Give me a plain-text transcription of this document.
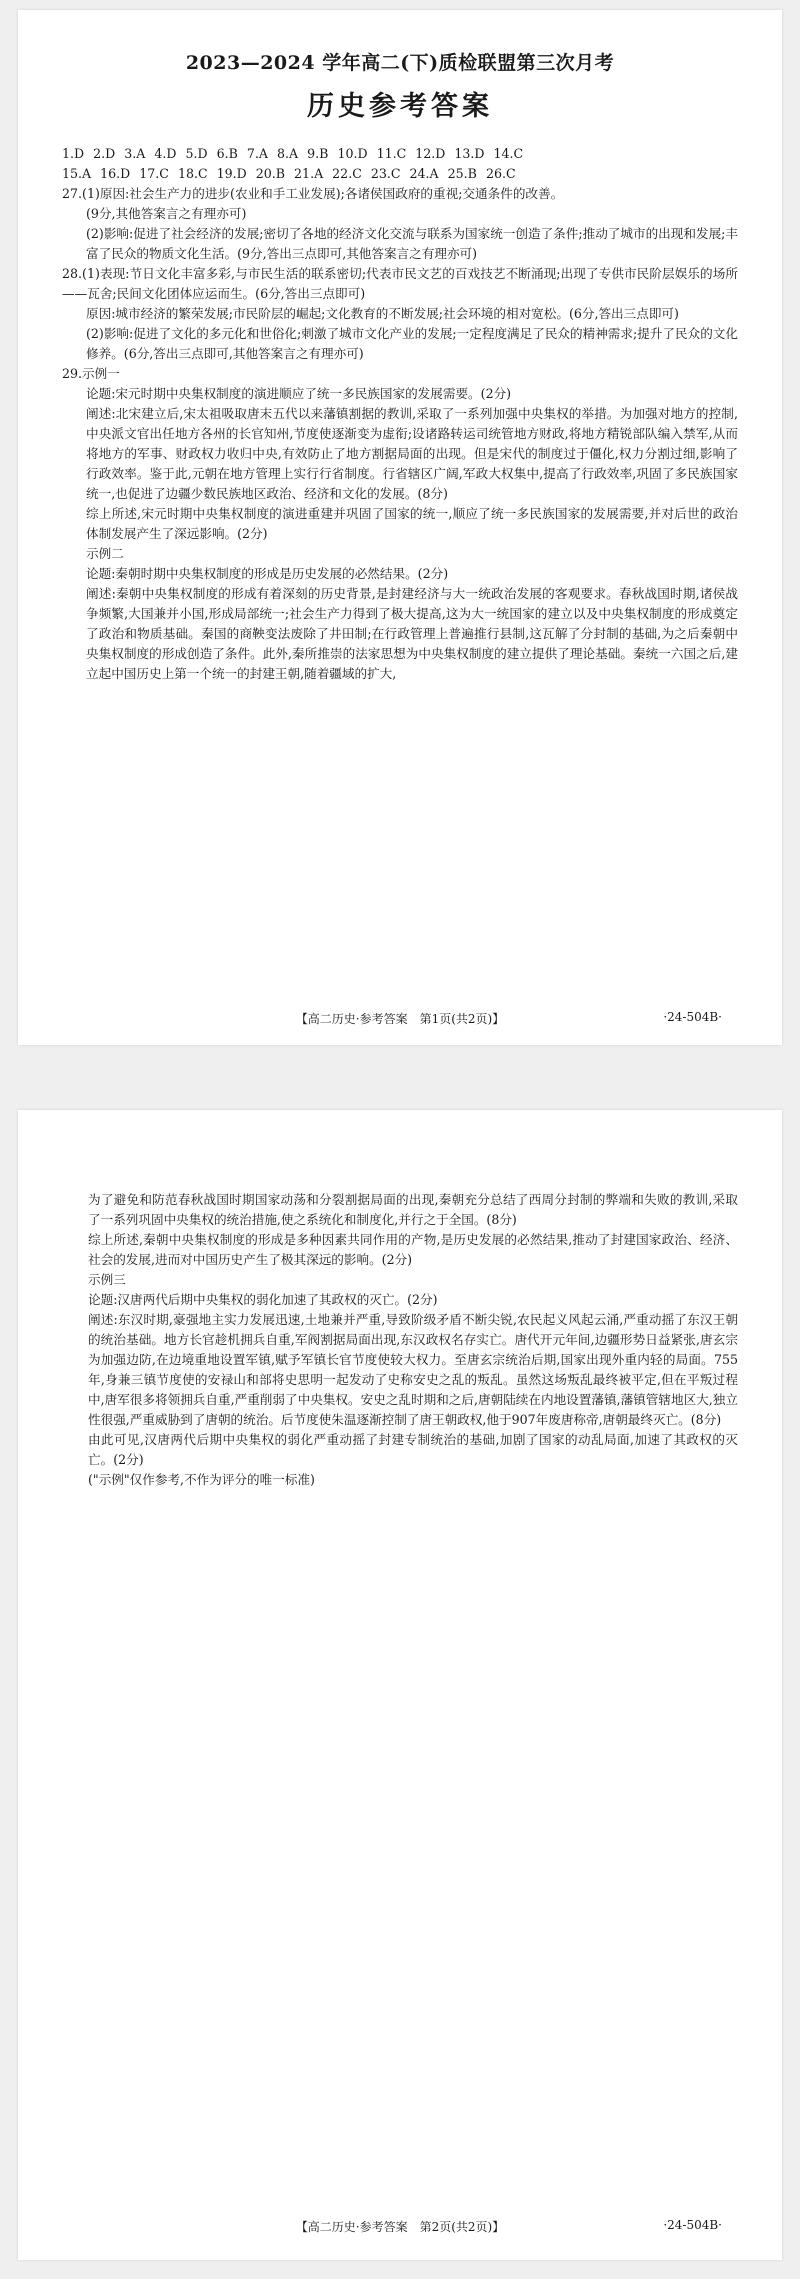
2023—2024 学年高二(下)质检联盟第三次月考
历史参考答案
1.D 2.D 3.A 4.D 5.D 6.B 7.A 8.A 9.B 10.D 11.C 12.D 13.D 14.C
15.A 16.D 17.C 18.C 19.D 20.B 21.A 22.C 23.C 24.A 25.B 26.C

27.(1)原因:社会生产力的进步(农业和手工业发展);各诸侯国政府的重视;交通条件的改善。

(9分,其他答案言之有理亦可)

(2)影响:促进了社会经济的发展;密切了各地的经济文化交流与联系为国家统一创造了条件;推动了城市的出现和发展;丰富了民众的物质文化生活。(9分,答出三点即可,其他答案言之有理亦可)

28.(1)表现:节日文化丰富多彩,与市民生活的联系密切;代表市民文艺的百戏技艺不断涌现;出现了专供市民阶层娱乐的场所——瓦舍;民间文化团体应运而生。(6分,答出三点即可)

原因:城市经济的繁荣发展;市民阶层的崛起;文化教育的不断发展;社会环境的相对宽松。(6分,答出三点即可)

(2)影响:促进了文化的多元化和世俗化;刺激了城市文化产业的发展;一定程度满足了民众的精神需求;提升了民众的文化修养。(6分,答出三点即可,其他答案言之有理亦可)

29.示例一

论题:宋元时期中央集权制度的演进顺应了统一多民族国家的发展需要。(2分)

阐述:北宋建立后,宋太祖吸取唐末五代以来藩镇割据的教训,采取了一系列加强中央集权的举措。为加强对地方的控制,中央派文官出任地方各州的长官知州,节度使逐渐变为虚衔;设诸路转运司统管地方财政,将地方精锐部队编入禁军,从而将地方的军事、财政权力收归中央,有效防止了地方割据局面的出现。但是宋代的制度过于僵化,权力分割过细,影响了行政效率。鉴于此,元朝在地方管理上实行行省制度。行省辖区广阔,军政大权集中,提高了行政效率,巩固了多民族国家统一,也促进了边疆少数民族地区政治、经济和文化的发展。(8分)

综上所述,宋元时期中央集权制度的演进重建并巩固了国家的统一,顺应了统一多民族国家的发展需要,并对后世的政治体制发展产生了深远影响。(2分)

示例二

论题:秦朝时期中央集权制度的形成是历史发展的必然结果。(2分)

阐述:秦朝中央集权制度的形成有着深刻的历史背景,是封建经济与大一统政治发展的客观要求。春秋战国时期,诸侯战争频繁,大国兼并小国,形成局部统一;社会生产力得到了极大提高,这为大一统国家的建立以及中央集权制度的形成奠定了政治和物质基础。秦国的商鞅变法废除了井田制;在行政管理上普遍推行县制,这瓦解了分封制的基础,为之后秦朝中央集权制度的形成创造了条件。此外,秦所推崇的法家思想为中央集权制度的建立提供了理论基础。秦统一六国之后,建立起中国历史上第一个统一的封建王朝,随着疆域的扩大,

【高二历史·参考答案　第1页(共2页)】	·24-504B·

为了避免和防范春秋战国时期国家动荡和分裂割据局面的出现,秦朝充分总结了西周分封制的弊端和失败的教训,采取了一系列巩固中央集权的统治措施,使之系统化和制度化,并行之于全国。(8分)

综上所述,秦朝中央集权制度的形成是多种因素共同作用的产物,是历史发展的必然结果,推动了封建国家政治、经济、社会的发展,进而对中国历史产生了极其深远的影响。(2分)

示例三

论题:汉唐两代后期中央集权的弱化加速了其政权的灭亡。(2分)

阐述:东汉时期,豪强地主实力发展迅速,土地兼并严重,导致阶级矛盾不断尖锐,农民起义风起云涌,严重动摇了东汉王朝的统治基础。地方长官趁机拥兵自重,军阀割据局面出现,东汉政权名存实亡。唐代开元年间,边疆形势日益紧张,唐玄宗为加强边防,在边境重地设置军镇,赋予军镇长官节度使较大权力。至唐玄宗统治后期,国家出现外重内轻的局面。755年,身兼三镇节度使的安禄山和部将史思明一起发动了史称安史之乱的叛乱。虽然这场叛乱最终被平定,但在平叛过程中,唐军很多将领拥兵自重,严重削弱了中央集权。安史之乱时期和之后,唐朝陆续在内地设置藩镇,藩镇管辖地区大,独立性很强,严重威胁到了唐朝的统治。后节度使朱温逐渐控制了唐王朝政权,他于907年废唐称帝,唐朝最终灭亡。(8分)

由此可见,汉唐两代后期中央集权的弱化严重动摇了封建专制统治的基础,加剧了国家的动乱局面,加速了其政权的灭亡。(2分)

("示例"仅作参考,不作为评分的唯一标准)

【高二历史·参考答案　第2页(共2页)】	·24-504B·
